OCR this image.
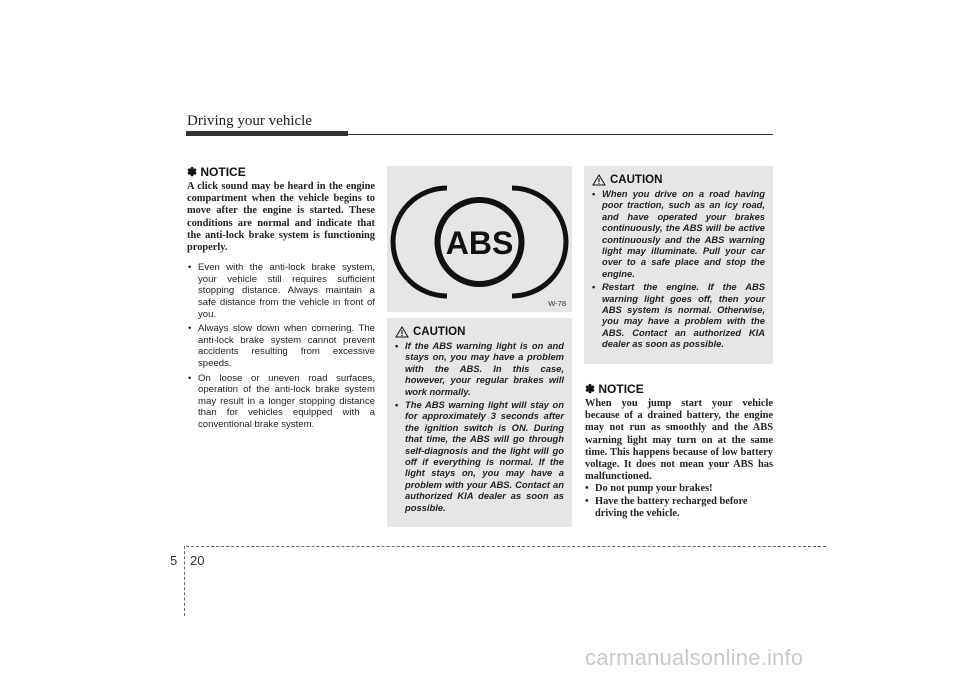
Driving your vehicle
✽ NOTICE

A click sound may be heard in the engine compartment when the vehicle begins to move after the engine is started. These conditions are normal and indicate that the anti-lock brake system is functioning properly.

• Even with the anti-lock brake system, your vehicle still requires sufficient stopping distance. Always maintain a safe distance from the vehicle in front of you.
• Always slow down when cornering. The anti-lock brake system cannot prevent accidents resulting from excessive speeds.
• On loose or uneven road surfaces, operation of the anti-lock brake system may result in a longer stopping distance than for vehicles equipped with a conventional brake system.
ABS
W-78
CAUTION
• If the ABS warning light is on and stays on, you may have a problem with the ABS. In this case, however, your regular brakes will work normally.
• The ABS warning light will stay on for approximately 3 seconds after the ignition switch is ON. During that time, the ABS will go through self-diagnosis and the light will go off if everything is normal. If the light stays on, you may have a problem with your ABS. Contact an authorized KIA dealer as soon as possible.
CAUTION
• When you drive on a road having poor traction, such as an icy road, and have operated your brakes continuously, the ABS will be active continuously and the ABS warning light may illuminate. Pull your car over to a safe place and stop the engine.
• Restart the engine. If the ABS warning light goes off, then your ABS system is normal. Otherwise, you may have a problem with the ABS. Contact an authorized KIA dealer as soon as possible.
✽ NOTICE

When you jump start your vehicle because of a drained battery, the engine may not run as smoothly and the ABS warning light may turn on at the same time. This happens because of low battery voltage. It does not mean your ABS has malfunctioned.

• Do not pump your brakes!
• Have the battery recharged before driving the vehicle.
5 20
carmanualsonline.info
